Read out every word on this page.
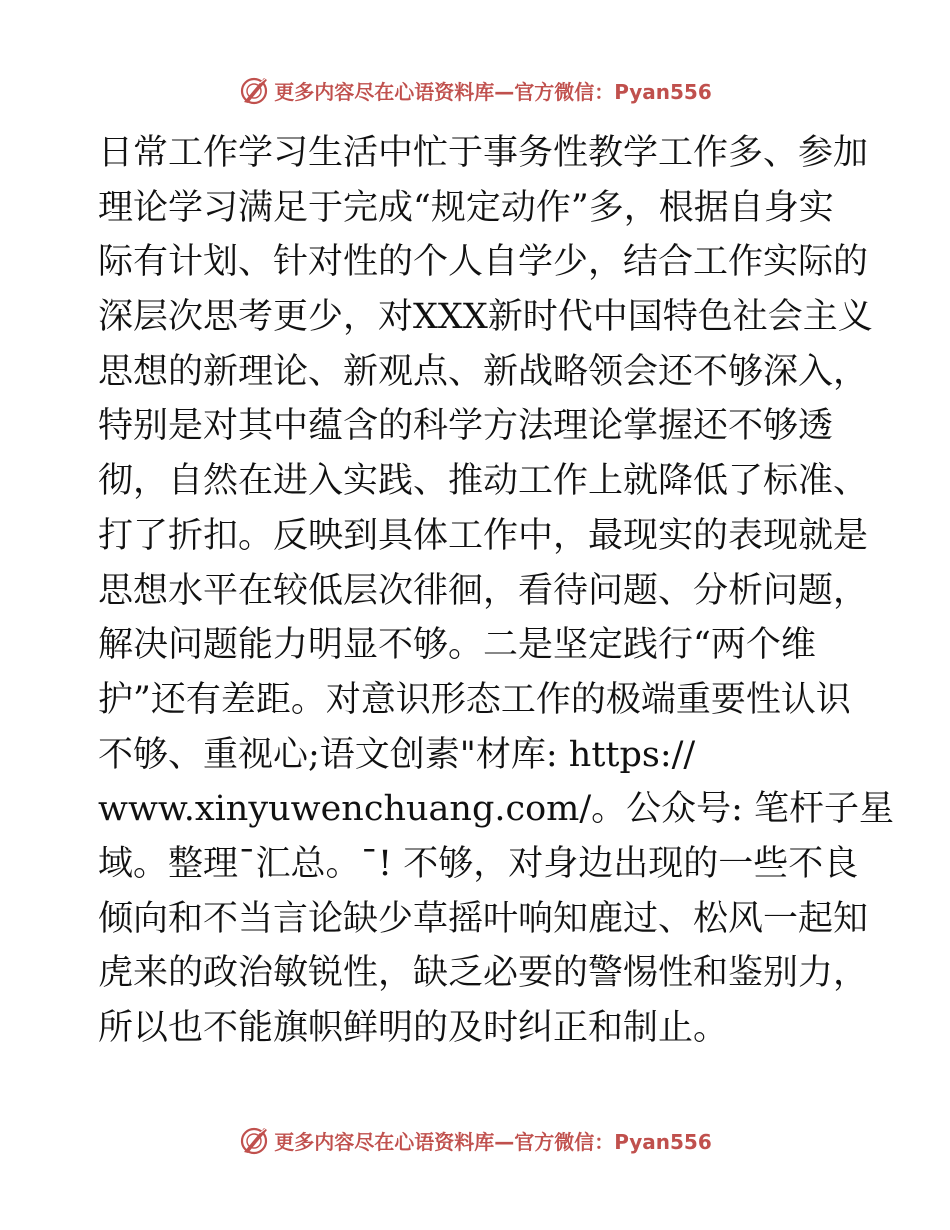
更多内容尽在心语资料库—官方微信：Pyan556
日常工作学习生活中忙于事务性教学工作多、参加
理论学习满足于完成“规定动作”多，根据自身实
际有计划、针对性的个人自学少，结合工作实际的
深层次思考更少，对XXX新时代中国特色社会主义
思想的新理论、新观点、新战略领会还不够深入，
特别是对其中蕴含的科学方法理论掌握还不够透
彻，自然在进入实践、推动工作上就降低了标准、
打了折扣。反映到具体工作中，最现实的表现就是
思想水平在较低层次徘徊，看待问题、分析问题，
解决问题能力明显不够。二是坚定践行“两个维
护”还有差距。对意识形态工作的极端重要性认识
不够、重视心;语文创素"材库: https://
www.xinyuwenchuang.com/。公众号: 笔杆子星
域。整理¯汇总。¯! 不够，对身边出现的一些不良
倾向和不当言论缺少草摇叶响知鹿过、松风一起知
虎来的政治敏锐性，缺乏必要的警惕性和鉴别力，
所以也不能旗帜鲜明的及时纠正和制止。
更多内容尽在心语资料库—官方微信：Pyan556
